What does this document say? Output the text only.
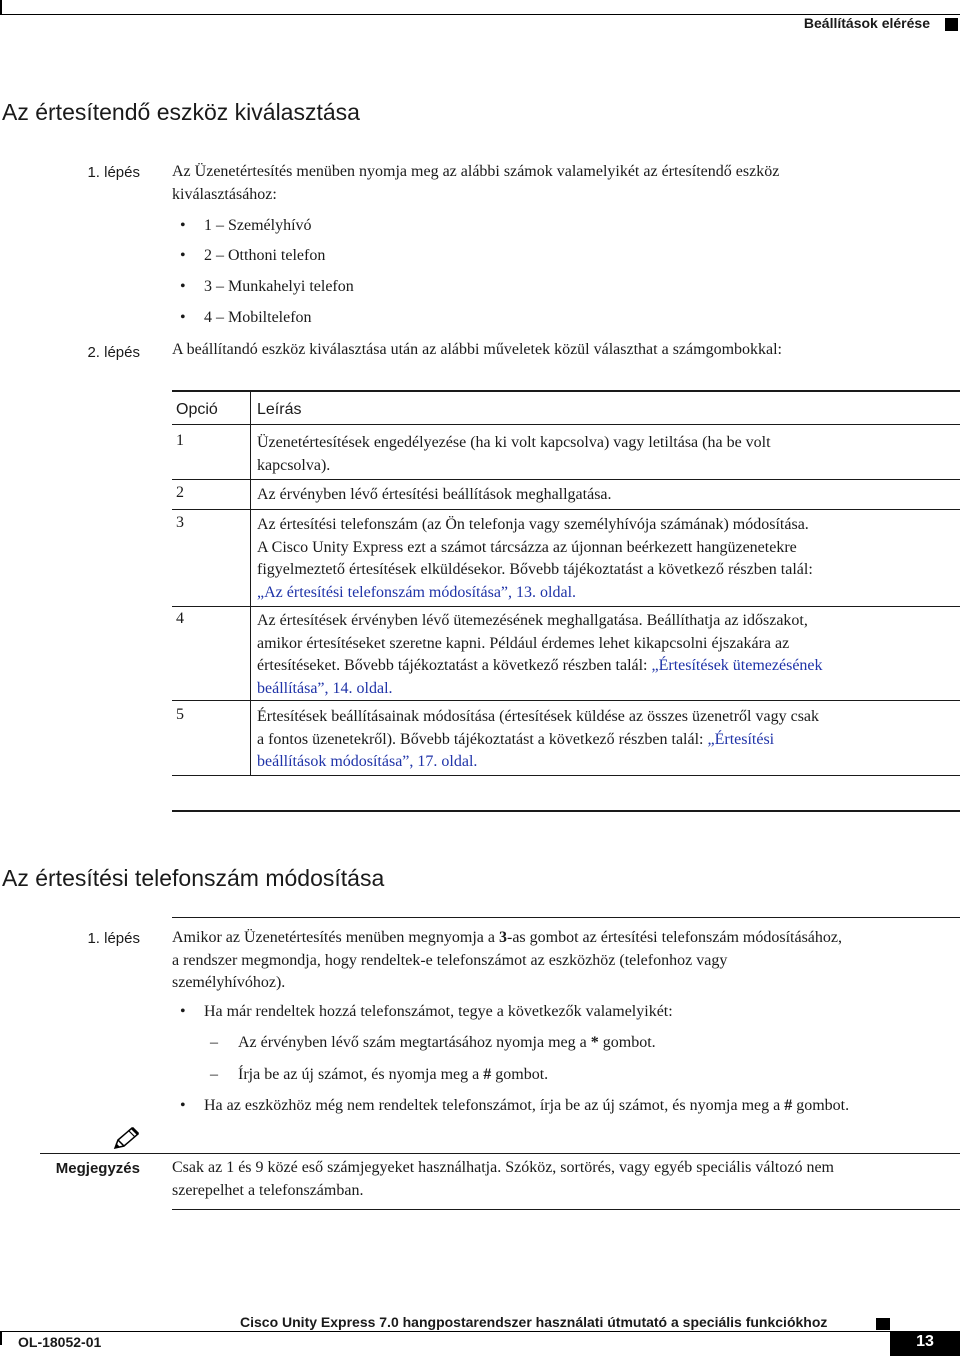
Beállítások elérése
Az értesítendő eszköz kiválasztása
1. lépés Az Üzenetértesítés menüben nyomja meg az alábbi számok valamelyikét az értesítendő eszköz
kiválasztásához:
• 1 – Személyhívó
• 2 – Otthoni telefon
• 3 – Munkahelyi telefon
• 4 – Mobiltelefon
2. lépés A beállítandó eszköz kiválasztása után az alábbi műveletek közül választhat a számgombokkal:
Opció Leírás
1	Üzenetértesítések engedélyezése (ha ki volt kapcsolva) vagy letiltása (ha be volt
kapcsolva).
2	Az érvényben lévő értesítési beállítások meghallgatása.
3	Az értesítési telefonszám (az Ön telefonja vagy személyhívója számának) módosítása.
A Cisco Unity Express ezt a számot tárcsázza az újonnan beérkezett hangüzenetekre
figyelmeztető értesítések elküldésekor. Bővebb tájékoztatást a következő részben talál:
„Az értesítési telefonszám módosítása”, 13. oldal.
4	Az értesítések érvényben lévő ütemezésének meghallgatása. Beállíthatja az időszakot,
amikor értesítéseket szeretne kapni. Például érdemes lehet kikapcsolni éjszakára az
értesítéseket. Bővebb tájékoztatást a következő részben talál: „Értesítések ütemezésének
beállítása”, 14. oldal.
5	Értesítések beállításainak módosítása (értesítések küldése az összes üzenetről vagy csak
a fontos üzenetekről). Bővebb tájékoztatást a következő részben talál: „Értesítési
beállítások módosítása”, 17. oldal.
Az értesítési telefonszám módosítása
1. lépés Amikor az Üzenetértesítés menüben megnyomja a 3-as gombot az értesítési telefonszám módosításához,
a rendszer megmondja, hogy rendeltek-e telefonszámot az eszközhöz (telefonhoz vagy
személyhívóhoz).
• Ha már rendeltek hozzá telefonszámot, tegye a következők valamelyikét:
– Az érvényben lévő szám megtartásához nyomja meg a * gombot.
– Írja be az új számot, és nyomja meg a # gombot.
• Ha az eszközhöz még nem rendeltek telefonszámot, írja be az új számot, és nyomja meg a # gombot.
Megjegyzés Csak az 1 és 9 közé eső számjegyeket használhatja. Szóköz, sortörés, vagy egyéb speciális változó nem
szerepelhet a telefonszámban.
Cisco Unity Express 7.0 hangpostarendszer használati útmutató a speciális funkciókhoz
OL-18052-01	13
